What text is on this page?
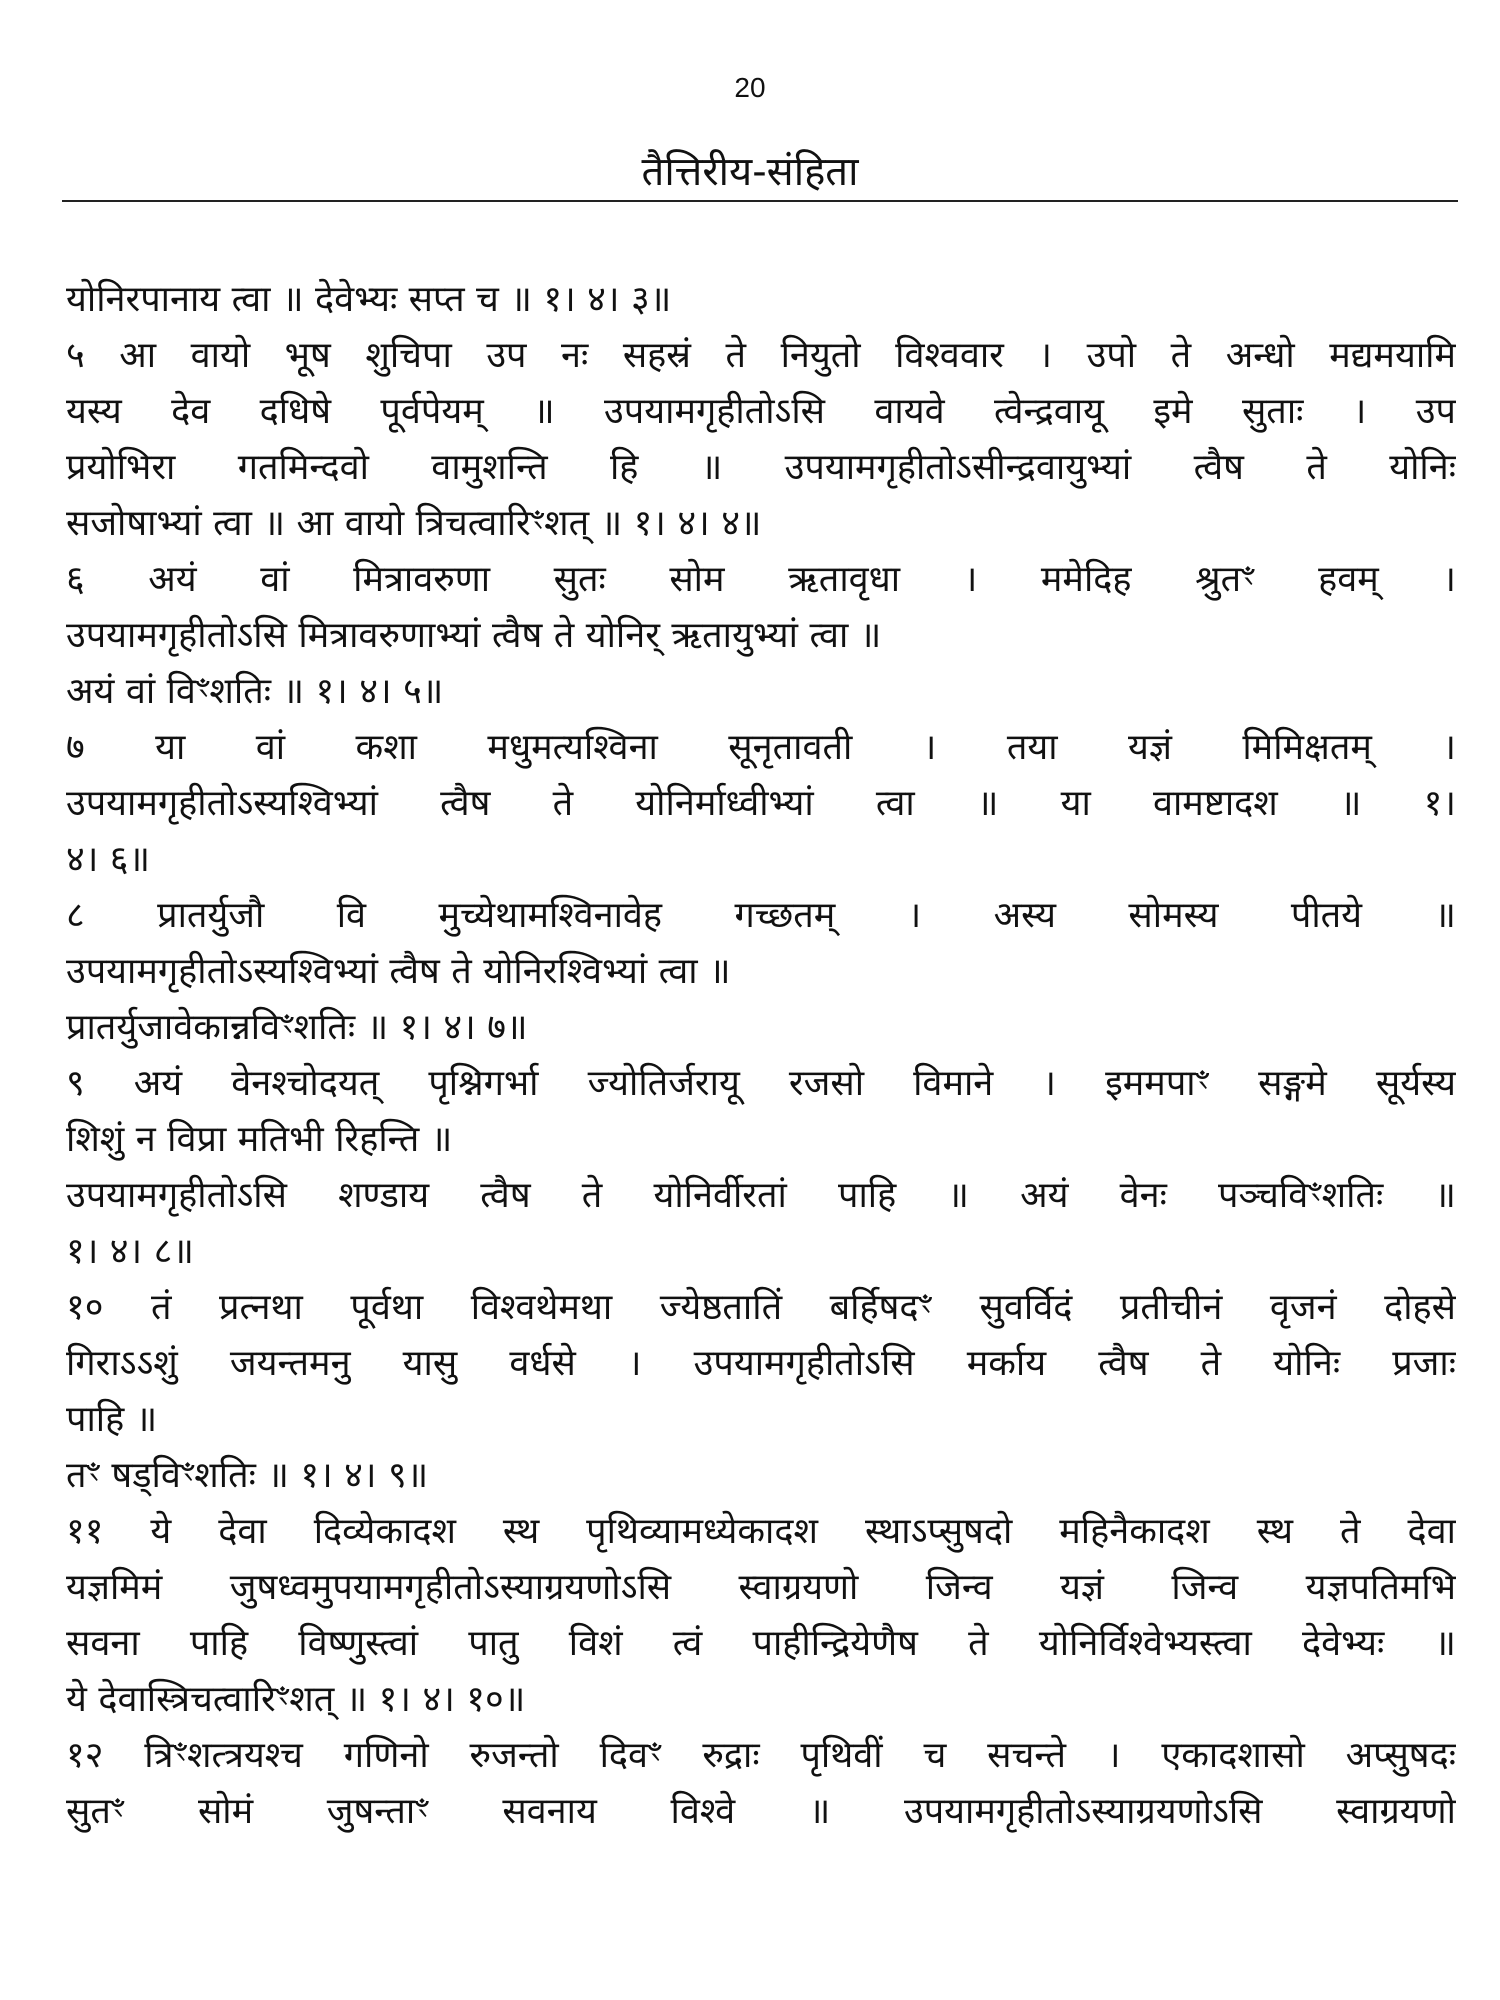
20
तैत्तिरीय-संहिता
योनिरपानाय त्वा ॥ देवेभ्यः सप्त च ॥ १। ४। ३॥
५ आ वायो भूष शुचिपा उप नः सहस्रं ते नियुतो विश्ववार । उपो ते अन्धो मद्यमयामि
यस्य देव दधिषे पूर्वपेयम् ॥ उपयामगृहीतोऽसि वायवे त्वेन्द्रवायू इमे सुताः । उप
प्रयोभिरा गतमिन्दवो वामुशन्ति हि ॥ उपयामगृहीतोऽसीन्द्रवायुभ्यां त्वैष ते योनिः
सजोषाभ्यां त्वा ॥ आ वायो त्रिचत्वारिꣳशत् ॥ १। ४। ४॥
६ अयं वां मित्रावरुणा सुतः सोम ऋतावृधा । ममेदिह श्रुतꣳ हवम् ।
उपयामगृहीतोऽसि मित्रावरुणाभ्यां त्वैष ते योनिर् ऋतायुभ्यां त्वा ॥
अयं वां विꣳशतिः ॥ १। ४। ५॥
७ या वां कशा मधुमत्यश्विना सूनृतावती । तया यज्ञं मिमिक्षतम् ।
उपयामगृहीतोऽस्यश्विभ्यां त्वैष ते योनिर्माध्वीभ्यां त्वा ॥ या वामष्टादश ॥ १।
४। ६॥
८ प्रातर्युजौ वि मुच्येथामश्विनावेह गच्छतम् । अस्य सोमस्य पीतये ॥
उपयामगृहीतोऽस्यश्विभ्यां त्वैष ते योनिरश्विभ्यां त्वा ॥
प्रातर्युजावेकान्नविꣳशतिः ॥ १। ४। ७॥
९ अयं वेनश्चोदयत् पृश्निगर्भा ज्योतिर्जरायू रजसो विमाने । इममपाꣳ सङ्गमे सूर्यस्य
शिशुं न विप्रा मतिभी रिहन्ति ॥
उपयामगृहीतोऽसि शण्डाय त्वैष ते योनिर्वीरतां पाहि ॥ अयं वेनः पञ्चविꣳशतिः ॥
१। ४। ८॥
१० तं प्रत्नथा पूर्वथा विश्वथेमथा ज्येष्ठतातिं बर्हिषदꣳ सुवर्विदं प्रतीचीनं वृजनं दोहसे
गिराऽऽशुं जयन्तमनु यासु वर्धसे । उपयामगृहीतोऽसि मर्काय त्वैष ते योनिः प्रजाः
पाहि ॥
तꣳ षड्विꣳशतिः ॥ १। ४। ९॥
११ ये देवा दिव्येकादश स्थ पृथिव्यामध्येकादश स्थाऽप्सुषदो महिनैकादश स्थ ते देवा
यज्ञमिमं जुषध्वमुपयामगृहीतोऽस्याग्रयणोऽसि स्वाग्रयणो जिन्व यज्ञं जिन्व यज्ञपतिमभि
सवना पाहि विष्णुस्त्वां पातु विशं त्वं पाहीन्द्रियेणैष ते योनिर्विश्वेभ्यस्त्वा देवेभ्यः ॥
ये देवास्त्रिचत्वारिꣳशत् ॥ १। ४। १०॥
१२ त्रिꣳशत्त्रयश्च गणिनो रुजन्तो दिवꣳ रुद्राः पृथिवीं च सचन्ते । एकादशासो अप्सुषदः
सुतꣳ सोमं जुषन्ताꣳ सवनाय विश्वे ॥ उपयामगृहीतोऽस्याग्रयणोऽसि स्वाग्रयणो
